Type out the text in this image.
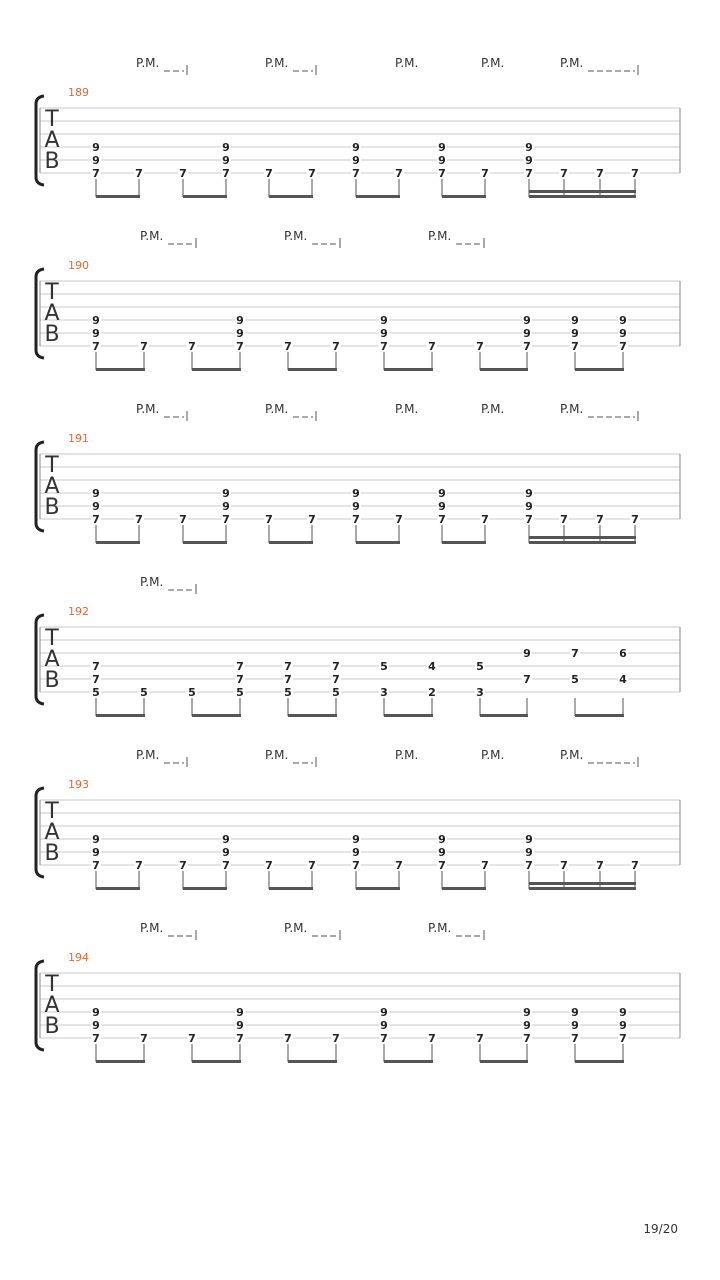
T
A
B
189
P.M.	P.M.	P.M.	P.M.	P.M.
9
9
7	7	7
9
9
7	7	7
9
9
7	7
9
9
7	7
9
9
7 7	7 7
T
A
B
190
P.M.	P.M.	P.M.
9
9
7	7	7
9
9
7	7	7
9
9
7	7	7
9
9
7
9
9
7
9
9
7
T
A
B
191
P.M.	P.M.	P.M.	P.M.	P.M.
9
9
7	7	7
9
9
7	7	7
9
9
7	7
9
9
7	7
9
9
7 7	7 7
T
A
B
192
P.M.
7
7
5	5	5
7
7
5
7
7
5
7
7
5
5
3
4
2
5
3
9
7
7
5
6
4
T
A
B
193
P.M.	P.M.	P.M.	P.M.	P.M.
9
9
7	7	7
9
9
7	7	7
9
9
7	7
9
9
7	7
9
9
7 7	7 7
T
A
B
194
P.M.	P.M.	P.M.
9
9
7	7	7
9
9
7	7	7
9
9
7	7	7
9
9
7
9
9
7
9
9
7
19/20
